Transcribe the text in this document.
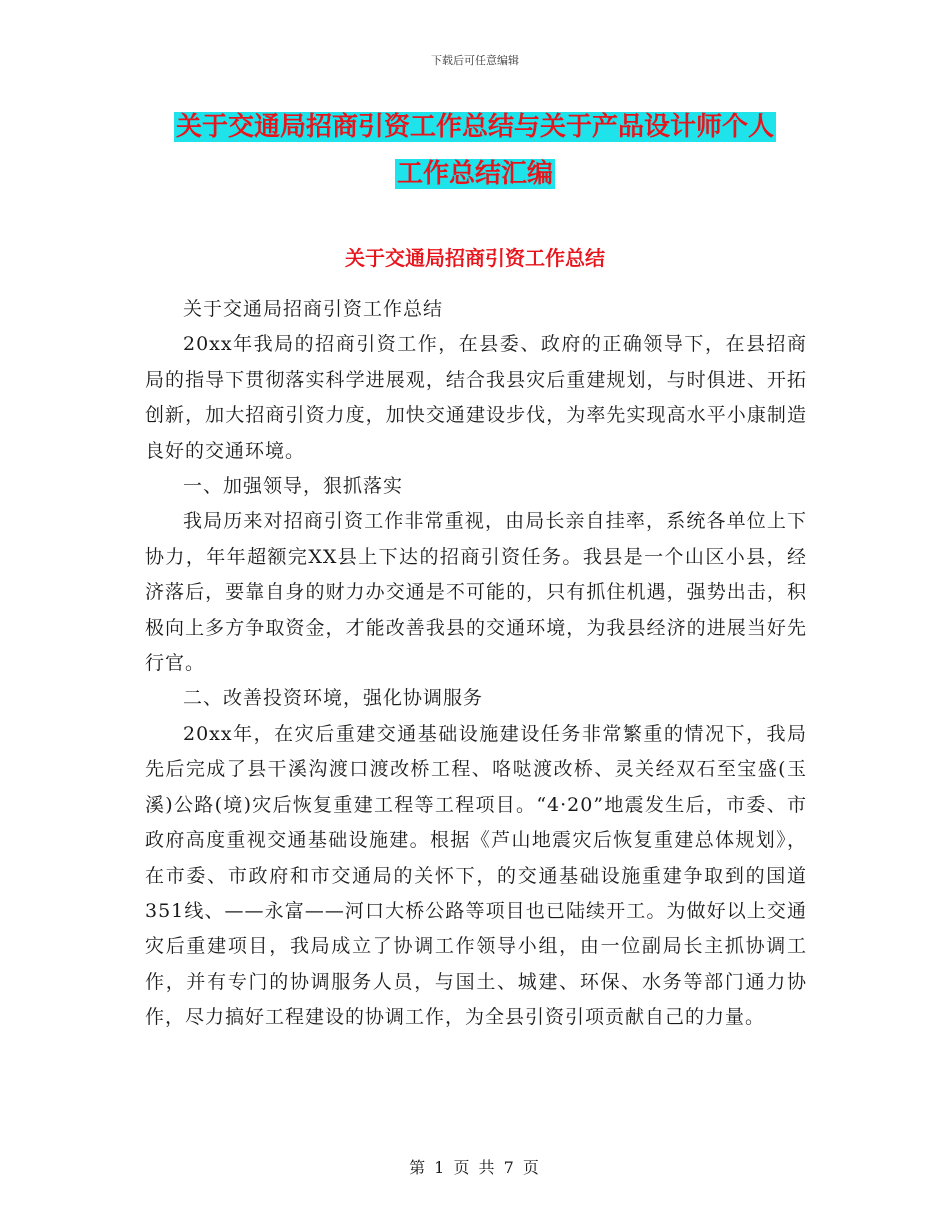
下载后可任意编辑
关于交通局招商引资工作总结与关于产品设计师个人
工作总结汇编
关于交通局招商引资工作总结

关于交通局招商引资工作总结

20xx年我局的招商引资工作，在县委、政府的正确领导下，在县招商局的指导下贯彻落实科学进展观，结合我县灾后重建规划，与时俱进、开拓创新，加大招商引资力度，加快交通建设步伐，为率先实现高水平小康制造良好的交通环境。

一、加强领导，狠抓落实

我局历来对招商引资工作非常重视，由局长亲自挂率，系统各单位上下协力，年年超额完XX县上下达的招商引资任务。我县是一个山区小县，经济落后，要靠自身的财力办交通是不可能的，只有抓住机遇，强势出击，积极向上多方争取资金，才能改善我县的交通环境，为我县经济的进展当好先行官。

二、改善投资环境，强化协调服务

20xx年，在灾后重建交通基础设施建设任务非常繁重的情况下，我局先后完成了县干溪沟渡口渡改桥工程、咯哒渡改桥、灵关经双石至宝盛(玉溪)公路(境)灾后恢复重建工程等工程项目。“4·20”地震发生后，市委、市政府高度重视交通基础设施建。根据《芦山地震灾后恢复重建总体规划》，在市委、市政府和市交通局的关怀下，的交通基础设施重建争取到的国道351线、——永富——河口大桥公路等项目也已陆续开工。为做好以上交通灾后重建项目，我局成立了协调工作领导小组，由一位副局长主抓协调工作，并有专门的协调服务人员，与国土、城建、环保、水务等部门通力协作，尽力搞好工程建设的协调工作，为全县引资引项贡献自己的力量。

第 1 页 共 7 页
